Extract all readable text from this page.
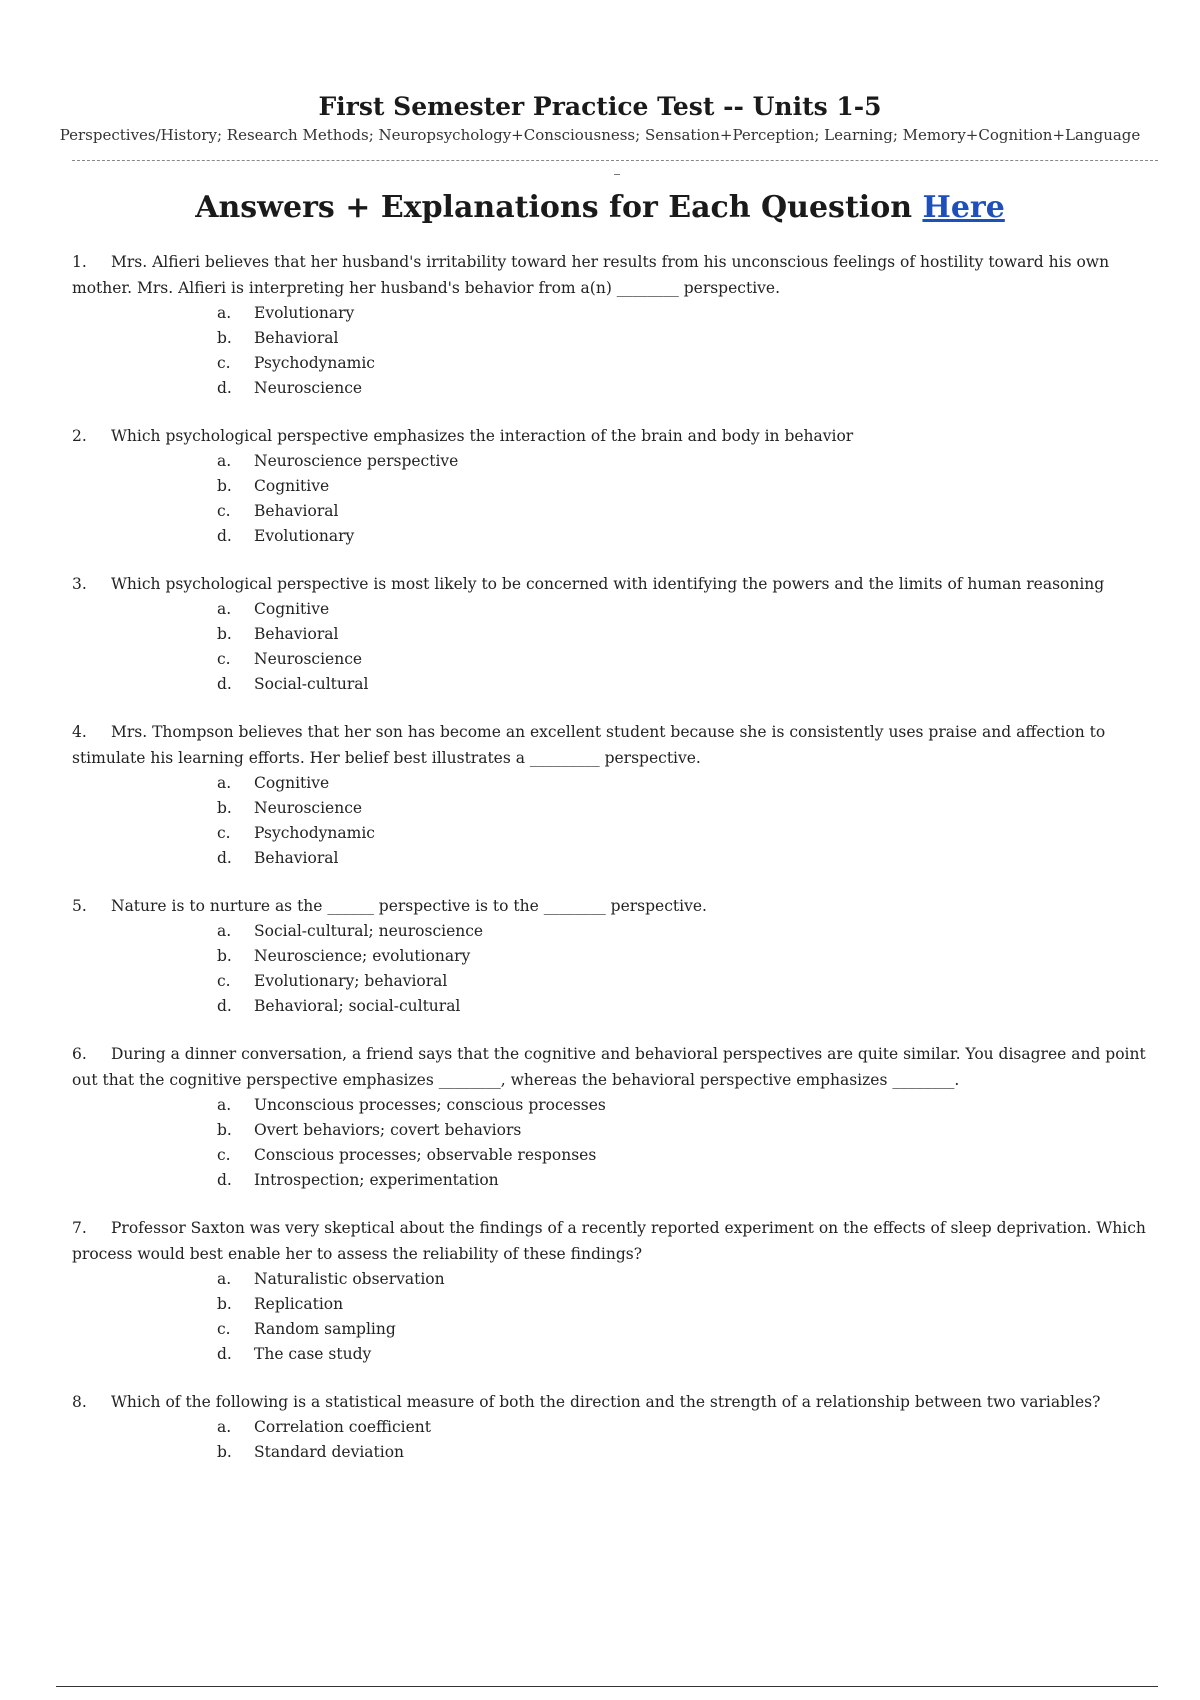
First Semester Practice Test -- Units 1-5
Perspectives/History; Research Methods; Neuropsychology+Consciousness; Sensation+Perception; Learning; Memory+Cognition+Language
Answers + Explanations for Each Question Here

1. Mrs. Alfieri believes that her husband's irritability toward her results from his unconscious feelings of hostility toward his own mother. Mrs. Alfieri is interpreting her husband's behavior from a(n) ________ perspective.

a. Evolutionary
b. Behavioral
c. Psychodynamic
d. Neuroscience

2. Which psychological perspective emphasizes the interaction of the brain and body in behavior

a. Neuroscience perspective
b. Cognitive
c. Behavioral
d. Evolutionary

3. Which psychological perspective is most likely to be concerned with identifying the powers and the limits of human reasoning

a. Cognitive
b. Behavioral
c. Neuroscience
d. Social-cultural

4. Mrs. Thompson believes that her son has become an excellent student because she is consistently uses praise and affection to stimulate his learning efforts. Her belief best illustrates a _________ perspective.

a. Cognitive
b. Neuroscience
c. Psychodynamic
d. Behavioral

5. Nature is to nurture as the ______ perspective is to the ________ perspective.

a. Social-cultural; neuroscience
b. Neuroscience; evolutionary
c. Evolutionary; behavioral
d. Behavioral; social-cultural

6. During a dinner conversation, a friend says that the cognitive and behavioral perspectives are quite similar. You disagree and point out that the cognitive perspective emphasizes ________, whereas the behavioral perspective emphasizes ________.

a. Unconscious processes; conscious processes
b. Overt behaviors; covert behaviors
c. Conscious processes; observable responses
d. Introspection; experimentation

7. Professor Saxton was very skeptical about the findings of a recently reported experiment on the effects of sleep deprivation. Which process would best enable her to assess the reliability of these findings?

a. Naturalistic observation
b. Replication
c. Random sampling
d. The case study

8. Which of the following is a statistical measure of both the direction and the strength of a relationship between two variables?

a. Correlation coefficient
b. Standard deviation
